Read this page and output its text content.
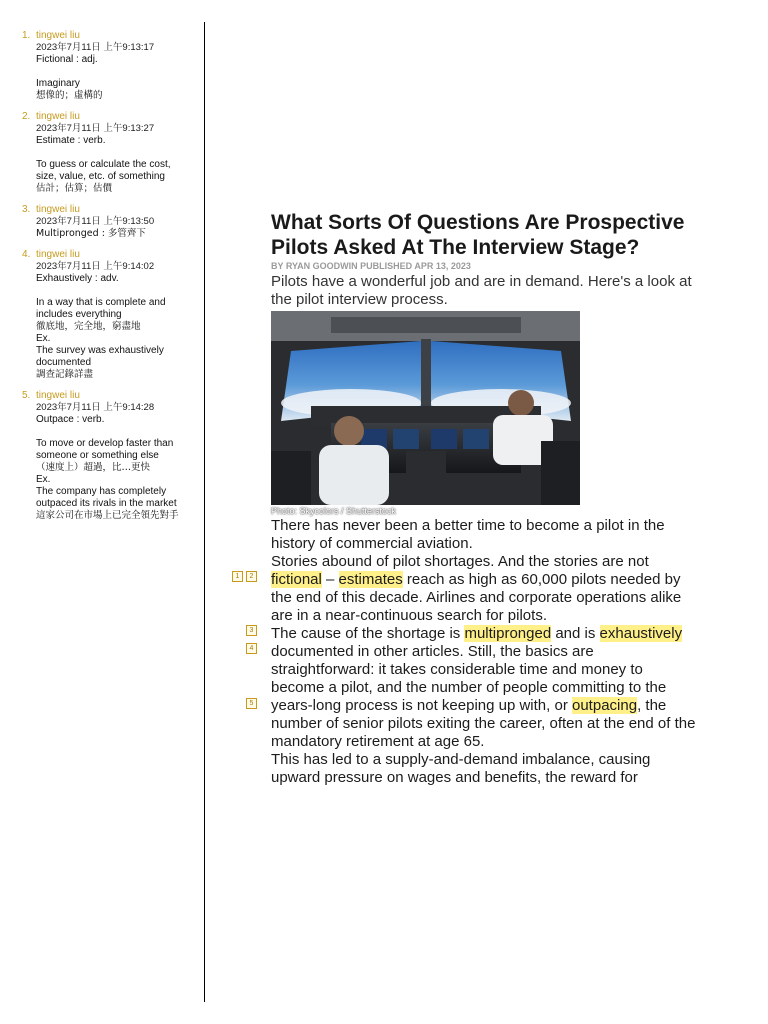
1. tingwei liu
2023年7月11日 上午9:13:17
Fictional : adj.
Imaginary
想像的；虛構的
2. tingwei liu
2023年7月11日 上午9:13:27
Estimate : verb.
To guess or calculate the cost,
size, value, etc. of something
估計；估算；估價
3. tingwei liu
2023年7月11日 上午9:13:50
Multipronged : 多管齊下
4. tingwei liu
2023年7月11日 上午9:14:02
Exhaustively : adv.
In a way that is complete and
includes everything
徹底地，完全地，窮盡地
Ex.
The survey was exhaustively
documented
調查記錄詳盡
5. tingwei liu
2023年7月11日 上午9:14:28
Outpace : verb.
To move or develop faster than
someone or something else
（速度上）超過，比…更快
Ex.
The company has completely
outpaced its rivals in the market
這家公司在市場上已完全領先對手
1	2
3
4
5
What Sorts Of Questions Are Prospective Pilots Asked At The Interview Stage?
BY RYAN GOODWIN PUBLISHED APR 13, 2023
Pilots have a wonderful job and are in demand. Here's a look at the pilot interview process.
Photo: Skycolors / Shutterstock

There has never been a better time to become a pilot in the history of commercial aviation.

Stories abound of pilot shortages. And the stories are not fictional – estimates reach as high as 60,000 pilots needed by the end of this decade. Airlines and corporate operations alike are in a near-continuous search for pilots.

The cause of the shortage is multipronged and is exhaustively documented in other articles. Still, the basics are straightforward: it takes considerable time and money to become a pilot, and the number of people committing to the years-long process is not keeping up with, or outpacing, the number of senior pilots exiting the career, often at the end of the mandatory retirement at age 65.

This has led to a supply-and-demand imbalance, causing upward pressure on wages and benefits, the reward for
